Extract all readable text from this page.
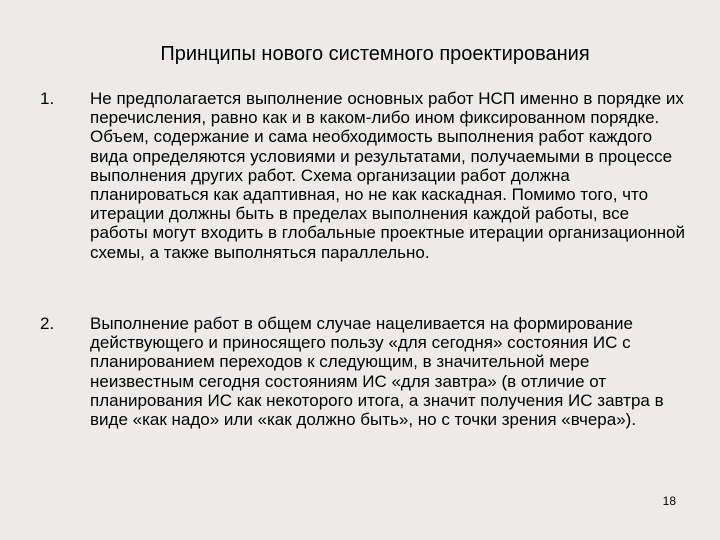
Принципы нового системного проектирования
1. Не предполагается выполнение основных работ НСП именно в порядке их перечисления, равно как и в каком-либо ином фиксированном порядке. Объем, содержание и сама необходимость выполнения работ каждого вида определяются условиями и результатами, получаемыми в процессе выполнения других работ. Схема организации работ должна планироваться как адаптивная, но не как каскадная. Помимо того, что итерации должны быть в пределах выполнения каждой работы, все работы могут входить в глобальные проектные итерации организационной схемы, а также выполняться параллельно.
2. Выполнение работ в общем случае нацеливается на формирование действующего и приносящего пользу «для сегодня» состояния ИС с планированием переходов к следующим, в значительной мере неизвестным сегодня состояниям ИС «для завтра» (в отличие от планирования ИС как некоторого итога, а значит получения ИС завтра в виде «как надо» или «как должно быть», но с точки зрения «вчера»).
18
